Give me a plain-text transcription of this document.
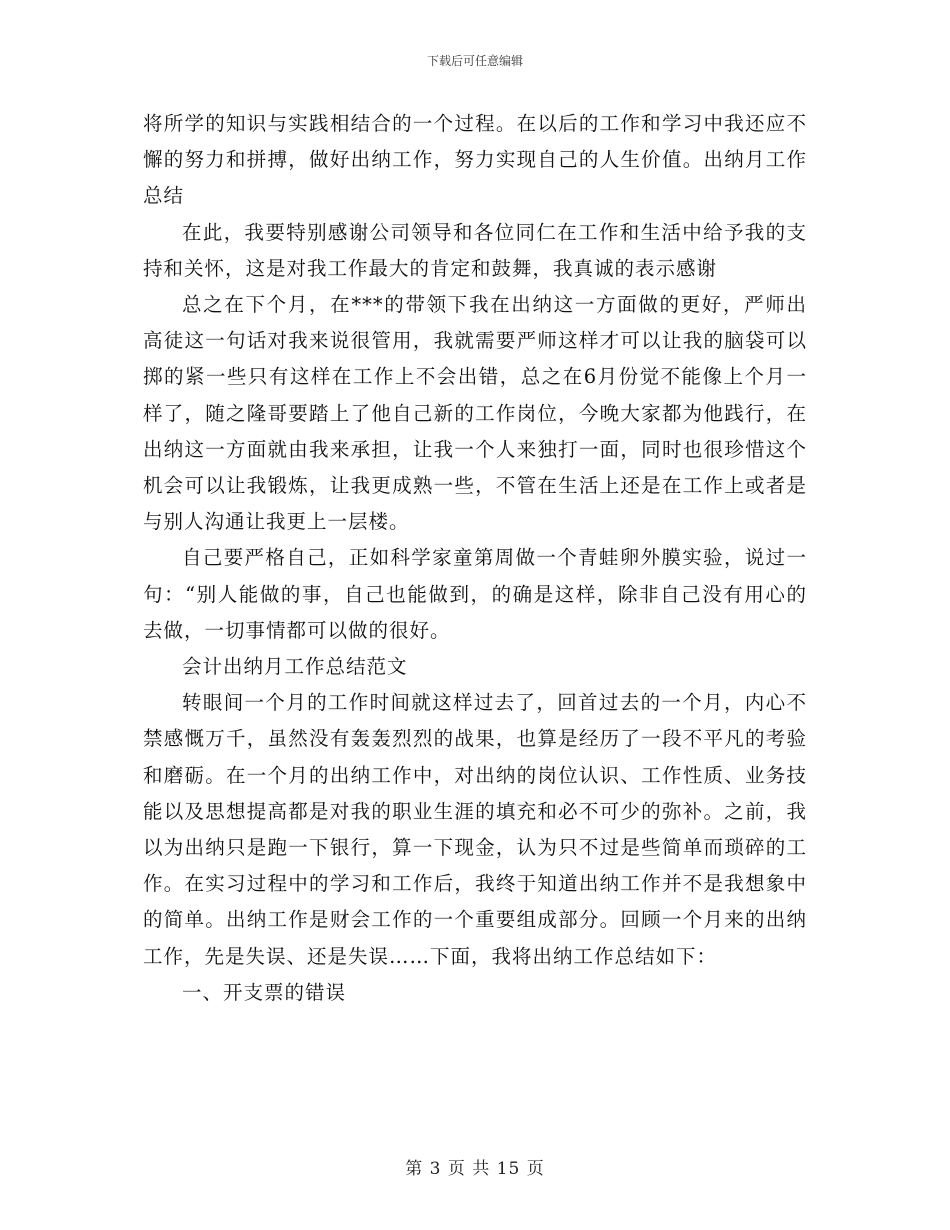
下载后可任意编辑

将所学的知识与实践相结合的一个过程。在以后的工作和学习中我还应不懈的努力和拼搏，做好出纳工作，努力实现自己的人生价值。出纳月工作总结

在此，我要特别感谢公司领导和各位同仁在工作和生活中给予我的支持和关怀，这是对我工作最大的肯定和鼓舞，我真诚的表示感谢

总之在下个月，在***的带领下我在出纳这一方面做的更好，严师出高徒这一句话对我来说很管用，我就需要严师这样才可以让我的脑袋可以掷的紧一些只有这样在工作上不会出错，总之在6月份觉不能像上个月一样了，随之隆哥要踏上了他自己新的工作岗位，今晚大家都为他践行，在出纳这一方面就由我来承担，让我一个人来独打一面，同时也很珍惜这个机会可以让我锻炼，让我更成熟一些，不管在生活上还是在工作上或者是与别人沟通让我更上一层楼。

自己要严格自己，正如科学家童第周做一个青蛙卵外膜实验，说过一句：“别人能做的事，自己也能做到，的确是这样，除非自己没有用心的去做，一切事情都可以做的很好。

会计出纳月工作总结范文

转眼间一个月的工作时间就这样过去了，回首过去的一个月，内心不禁感慨万千，虽然没有轰轰烈烈的战果，也算是经历了一段不平凡的考验和磨砺。在一个月的出纳工作中，对出纳的岗位认识、工作性质、业务技能以及思想提高都是对我的职业生涯的填充和必不可少的弥补。之前，我以为出纳只是跑一下银行，算一下现金，认为只不过是些简单而琐碎的工作。在实习过程中的学习和工作后，我终于知道出纳工作并不是我想象中的简单。出纳工作是财会工作的一个重要组成部分。回顾一个月来的出纳工作，先是失误、还是失误……下面，我将出纳工作总结如下：

一、开支票的错误

第 3 页 共 15 页
